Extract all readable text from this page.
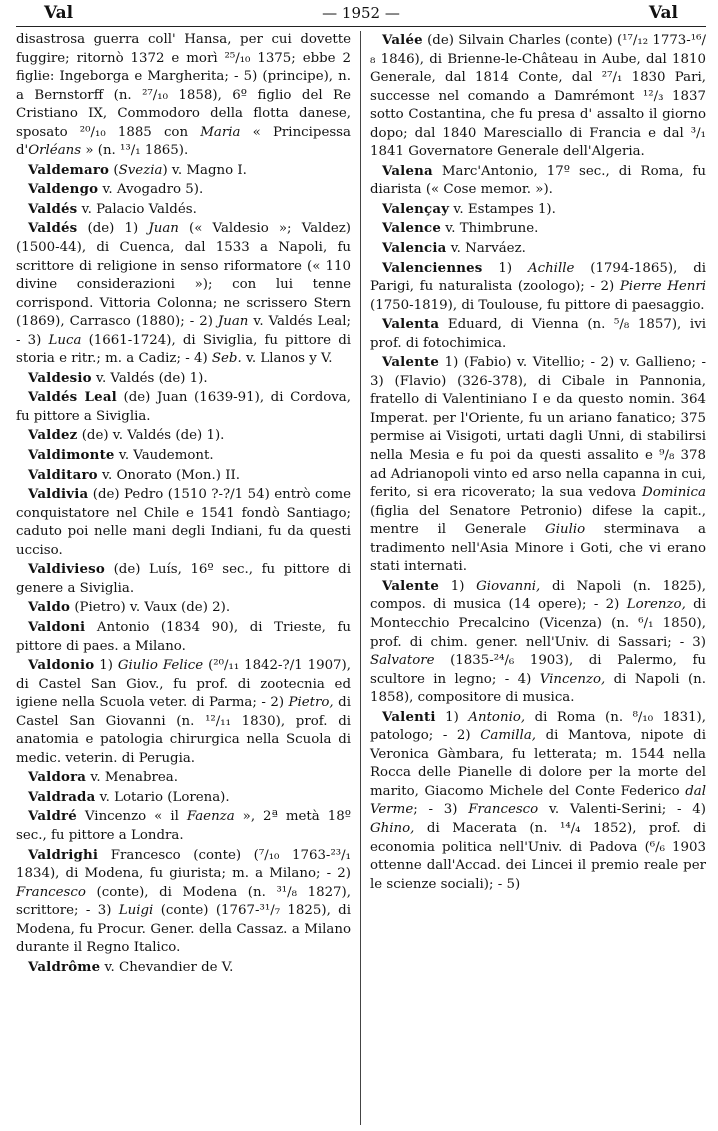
Val	— 1952 —	Val

disastrosa guerra coll' Hansa, per cui dovette fuggire; ritornò 1372 e morì ²⁵/₁₀ 1375; ebbe 2 figlie: Ingeborga e Margherita; - 5) (principe), n. a Bernstorff (n. ²⁷/₁₀ 1858), 6º figlio del Re Cristiano IX, Commodoro della flotta danese, sposato ²⁰/₁₀ 1885 con Maria « Principessa d'Orléans » (n. ¹³/₁ 1865).

Valdemaro (Svezia) v. Magno I.

Valdengo v. Avogadro 5).

Valdés v. Palacio Valdés.

Valdés (de) 1) Juan (« Valdesio »; Valdez) (1500-44), di Cuenca, dal 1533 a Napoli, fu scrittore di religione in senso riformatore (« 110 divine considerazioni »); con lui tenne corrispond. Vittoria Colonna; ne scrissero Stern (1869), Carrasco (1880); - 2) Juan v. Valdés Leal; - 3) Luca (1661-1724), di Siviglia, fu pittore di storia e ritr.; m. a Cadiz; - 4) Seb. v. Llanos y V.

Valdesio v. Valdés (de) 1).

Valdés Leal (de) Juan (1639-91), di Cordova, fu pittore a Siviglia.

Valdez (de) v. Valdés (de) 1).

Valdimonte v. Vaudemont.

Valditaro v. Onorato (Mon.) II.

Valdivia (de) Pedro (1510 ?-?/1 54) entrò come conquistatore nel Chile e 1541 fondò Santiago; caduto poi nelle mani degli Indiani, fu da questi ucciso.

Valdivieso (de) Luís, 16º sec., fu pittore di genere a Siviglia.

Valdo (Pietro) v. Vaux (de) 2).

Valdoni Antonio (1834 90), di Trieste, fu pittore di paes. a Milano.

Valdonio 1) Giulio Felice (²⁰/₁₁ 1842-?/1 1907), di Castel San Giov., fu prof. di zootecnia ed igiene nella Scuola veter. di Parma; - 2) Pietro, di Castel San Giovanni (n. ¹²/₁₁ 1830), prof. di anatomia e patologia chirurgica nella Scuola di medic. veterin. di Perugia.

Valdora v. Menabrea.

Valdrada v. Lotario (Lorena).

Valdré Vincenzo « il Faenza », 2ª metà 18º sec., fu pittore a Londra.

Valdrighi Francesco (conte) (⁷/₁₀ 1763-²³/₁ 1834), di Modena, fu giurista; m. a Milano; - 2) Francesco (conte), di Modena (n. ³¹/₈ 1827), scrittore; - 3) Luigi (conte) (1767-³¹/₇ 1825), di Modena, fu Procur. Gener. della Cassaz. a Milano durante il Regno Italico.

Valdrôme v. Chevandier de V.

Valée (de) Silvain Charles (conte) (¹⁷/₁₂ 1773-¹⁶/₈ 1846), di Brienne-le-Château in Aube, dal 1810 Generale, dal 1814 Conte, dal ²⁷/₁ 1830 Pari, successe nel comando a Damrémont ¹²/₃ 1837 sotto Costantina, che fu presa d' assalto il giorno dopo; dal 1840 Maresciallo di Francia e dal ³/₁ 1841 Governatore Generale dell'Algeria.

Valena Marc'Antonio, 17º sec., di Roma, fu diarista (« Cose memor. »).

Valençay v. Estampes 1).

Valence v. Thimbrune.

Valencia v. Narváez.

Valenciennes 1) Achille (1794-1865), di Parigi, fu naturalista (zoologo); - 2) Pierre Henri (1750-1819), di Toulouse, fu pittore di paesaggio.

Valenta Eduard, di Vienna (n. ⁵/₈ 1857), ivi prof. di fotochimica.

Valente 1) (Fabio) v. Vitellio; - 2) v. Gallieno; - 3) (Flavio) (326-378), di Cibale in Pannonia, fratello di Valentiniano I e da questo nomin. 364 Imperat. per l'Oriente, fu un ariano fanatico; 375 permise ai Visigoti, urtati dagli Unni, di stabilirsi nella Mesia e fu poi da questi assalito e ⁹/₈ 378 ad Adrianopoli vinto ed arso nella capanna in cui, ferito, si era ricoverato; la sua vedova Dominica (figlia del Senatore Petronio) difese la capit., mentre il Generale Giulio sterminava a tradimento nell'Asia Minore i Goti, che vi erano stati internati.

Valente 1) Giovanni, di Napoli (n. 1825), compos. di musica (14 opere); - 2) Lorenzo, di Montecchio Precalcino (Vicenza) (n. ⁶/₁ 1850), prof. di chim. gener. nell'Univ. di Sassari; - 3) Salvatore (1835-²⁴/₆ 1903), di Palermo, fu scultore in legno; - 4) Vincenzo, di Napoli (n. 1858), compositore di musica.

Valenti 1) Antonio, di Roma (n. ⁸/₁₀ 1831), patologo; - 2) Camilla, di Mantova, nipote di Veronica Gàmbara, fu letterata; m. 1544 nella Rocca delle Pianelle di dolore per la morte del marito, Giacomo Michele del Conte Federico dal Verme; - 3) Francesco v. Valenti-Serini; - 4) Ghino, di Macerata (n. ¹⁴/₄ 1852), prof. di economia politica nell'Univ. di Padova (⁶/₆ 1903 ottenne dall'Accad. dei Lincei il premio reale per le scienze sociali); - 5)
